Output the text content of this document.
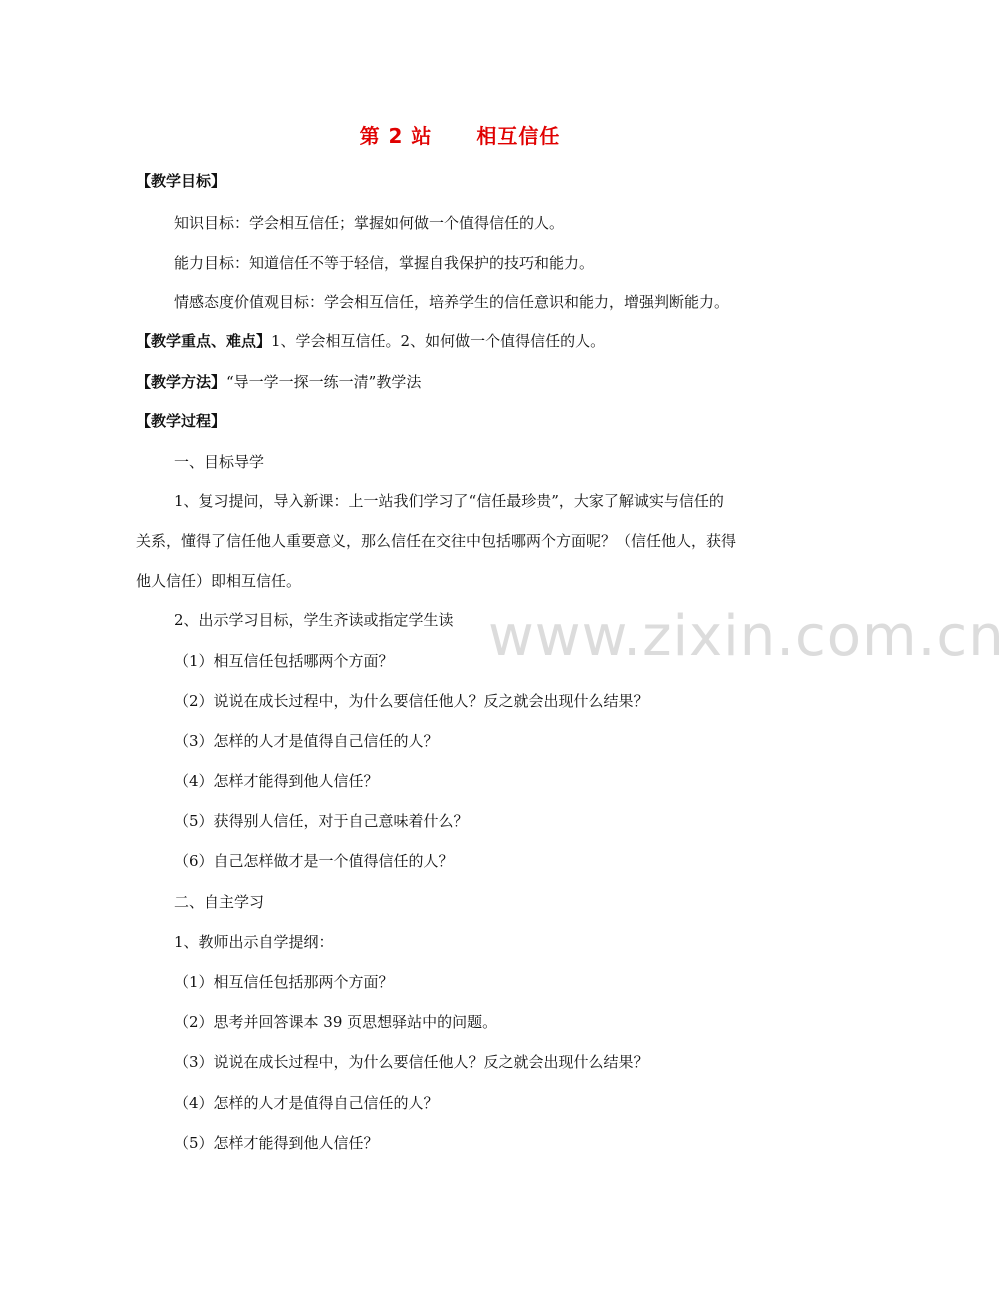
第 2 站 相互信任
【教学目标】
知识目标：学会相互信任；掌握如何做一个值得信任的人。
能力目标：知道信任不等于轻信，掌握自我保护的技巧和能力。
情感态度价值观目标：学会相互信任，培养学生的信任意识和能力，增强判断能力。
【教学重点、难点】1、学会相互信任。2、如何做一个值得信任的人。
【教学方法】“导一学一探一练一清”教学法
【教学过程】
一、目标导学
1、复习提问，导入新课：上一站我们学习了“信任最珍贵”，大家了解诚实与信任的
关系，懂得了信任他人重要意义，那么信任在交往中包括哪两个方面呢？（信任他人，获得
他人信任）即相互信任。
www.zixin.com.cn
2、出示学习目标，学生齐读或指定学生读
（1）相互信任包括哪两个方面？
（2）说说在成长过程中，为什么要信任他人？反之就会出现什么结果？
（3）怎样的人才是值得自己信任的人？
（4）怎样才能得到他人信任？
（5）获得别人信任，对于自己意味着什么？
（6）自己怎样做才是一个值得信任的人？
二、自主学习
1、教师出示自学提纲：
（1）相互信任包括那两个方面？
（2）思考并回答课本 39 页思想驿站中的问题。
（3）说说在成长过程中，为什么要信任他人？反之就会出现什么结果？
（4）怎样的人才是值得自己信任的人？
（5）怎样才能得到他人信任？
